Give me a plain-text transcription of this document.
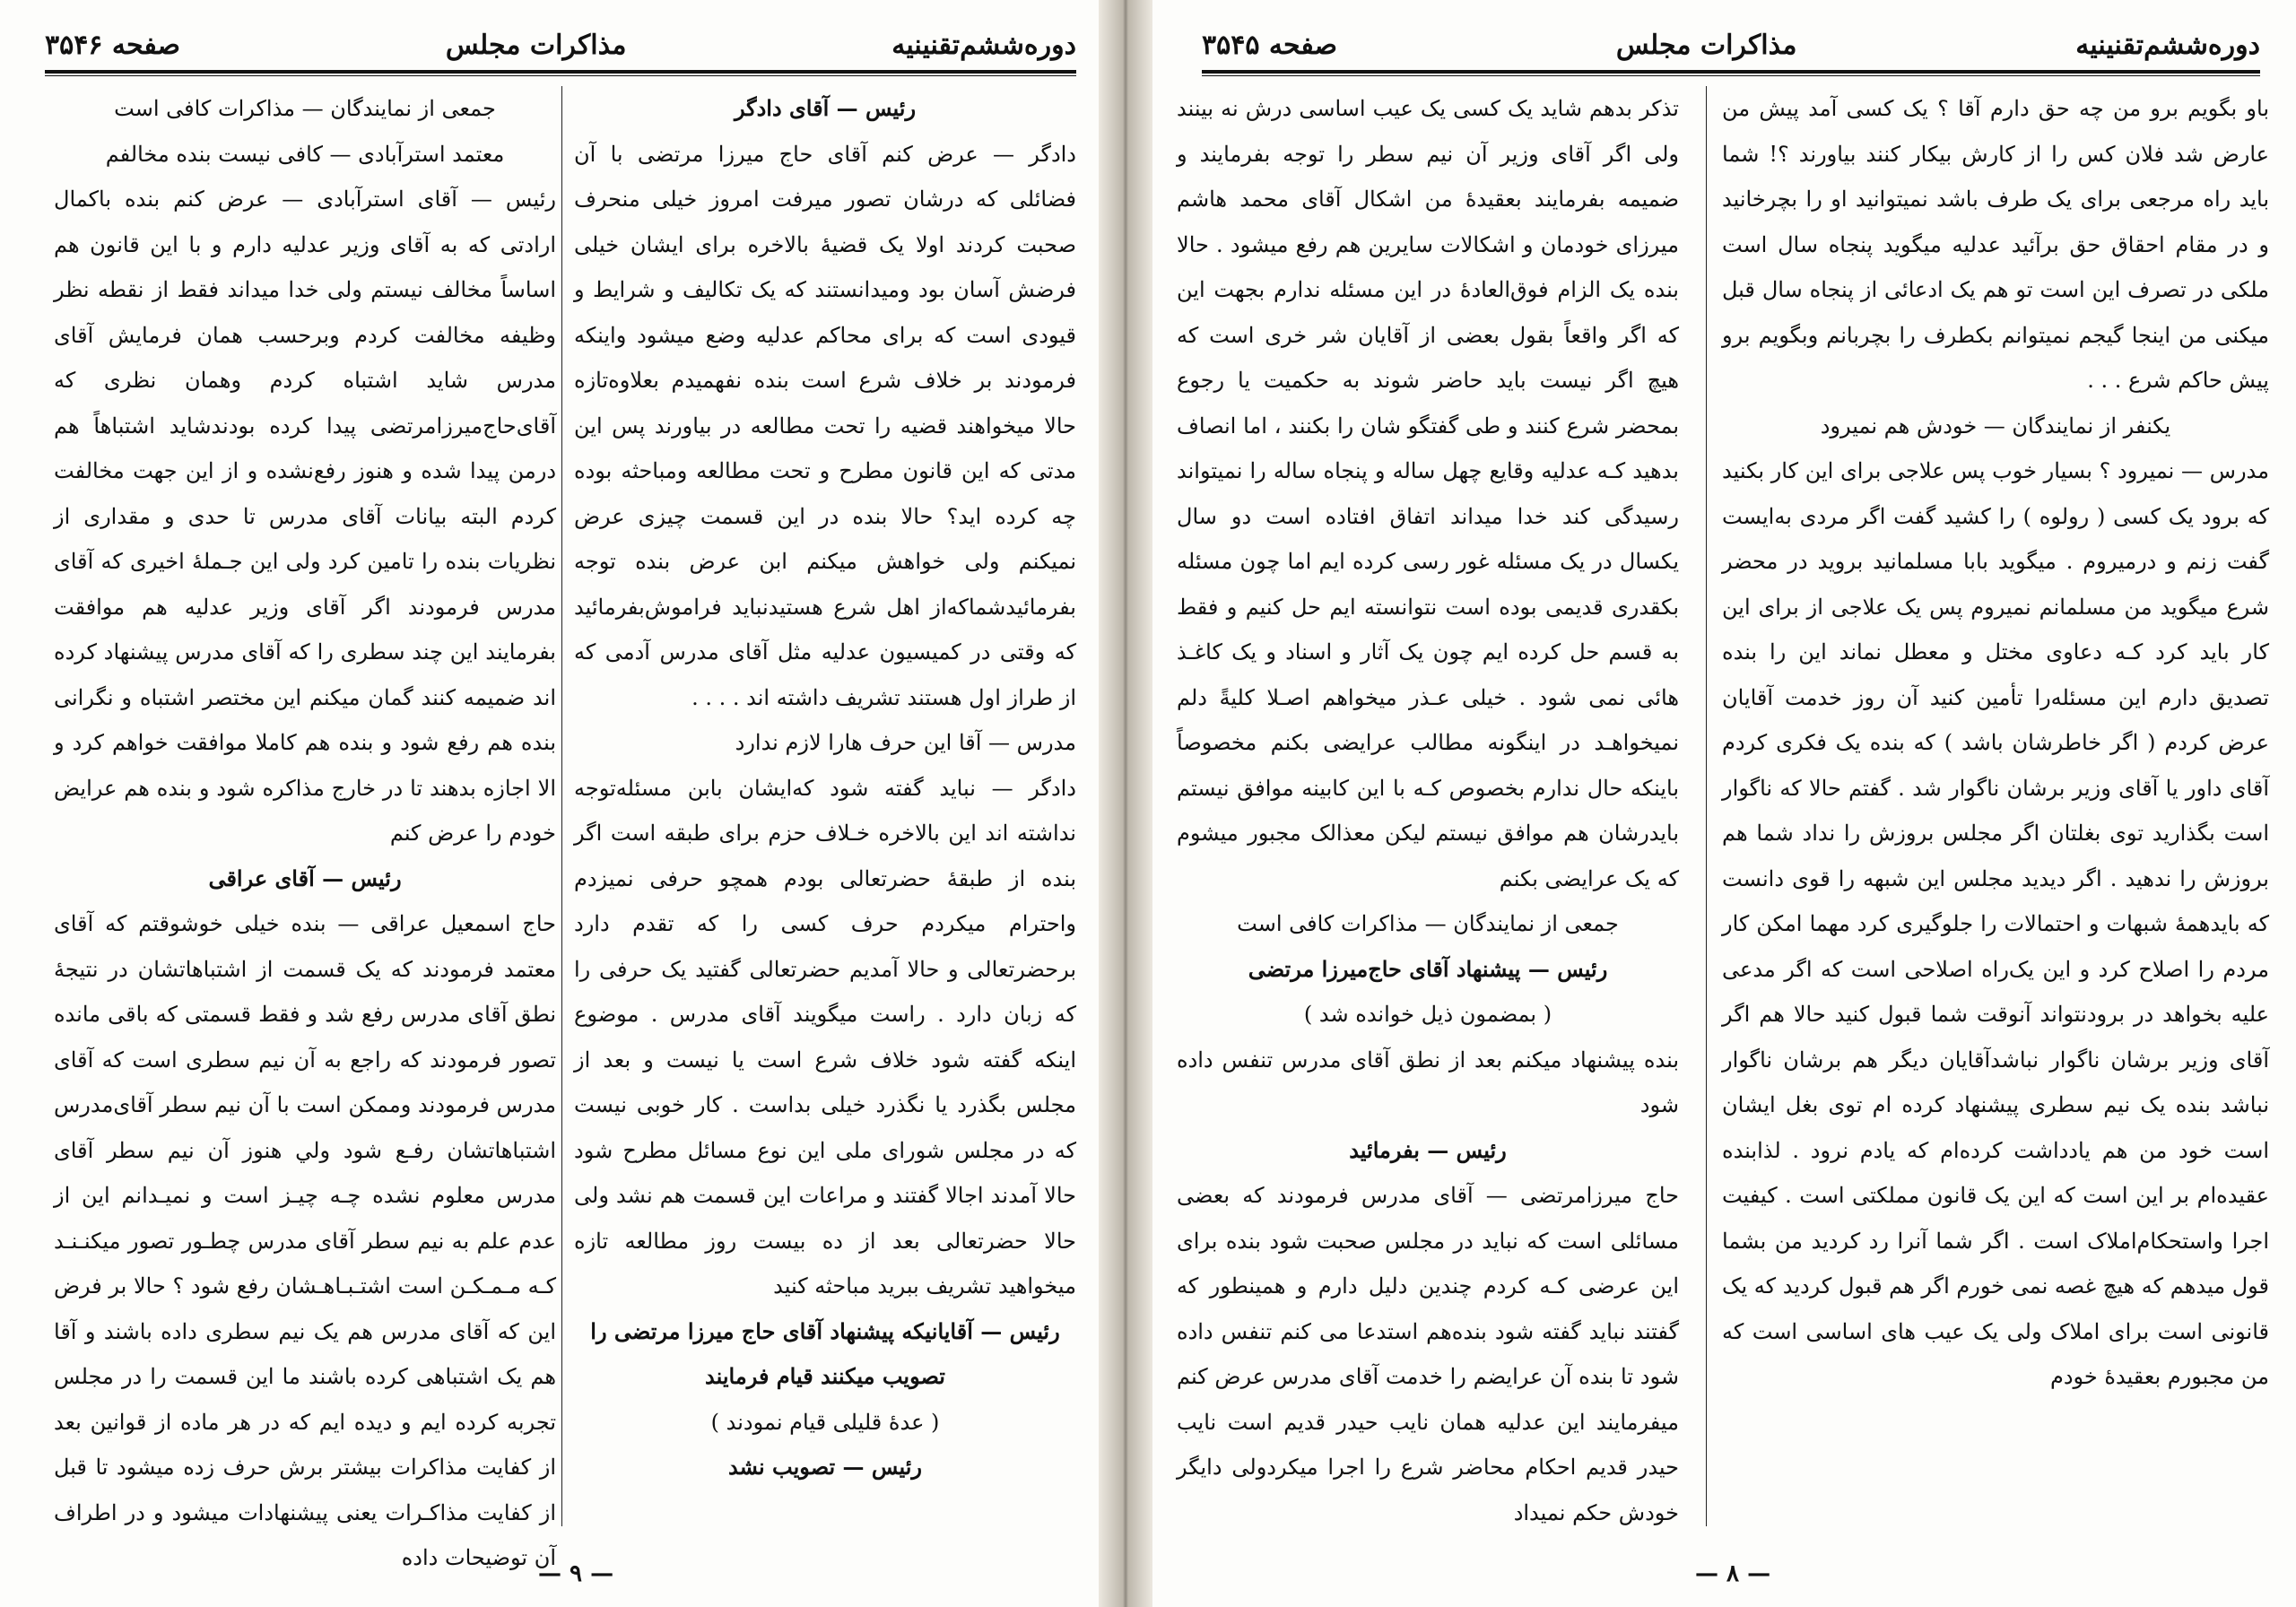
دوره‌ششم‌تقنینیه
مذاکرات مجلس
صفحه ۳۵۴۶

رئیس — آقای دادگر

دادگر — عرض کنم آقای حاج میرزا مرتضی با آن فضائلی که درشان تصور میرفت امروز خیلی منحرف صحبت کردند اولا یک قضیهٔ بالاخره برای ایشان خیلی فرضش آسان بود ومیدانستند که یک تکالیف و شرایط و قیودی است که برای محاکم عدلیه وضع میشود واینکه فرمودند بر خلاف شرع است بنده نفهمیدم بعلاوه‌تازه حالا میخواهند قضیه را تحت مطالعه در بیاورند پس این مدتی که این قانون مطرح و تحت مطالعه ومباحثه بوده چه کرده اید؟ حالا بنده در این قسمت چیزی عرض نمیکنم ولی خواهش میکنم ابن عرض بنده توجه بفرمائید‌شماکه‌از اهل شرع هستید‌نباید فراموش‌بفرمائید که وقتی در کمیسیون عدلیه مثل آقای مدرس آدمی که از طراز اول هستند تشریف داشته اند . . . .

مدرس — آقا این حرف هارا لازم ندارد

دادگر — نباید گفته شود که‌ایشان بابن مسئله‌توجه نداشته اند این بالاخره خـلاف حزم برای طبقه است اگر بنده از طبقهٔ حضرتعالی بودم همچو حرفی نمیزدم واحترام میکردم حرف کسی را که تقدم دارد برحضرتعالی و حالا آمدیم حضرتعالی گفتید یک حرفی را که زبان دارد . راست میگویند آقای مدرس . موضوع اینکه گفته شود خلاف شرع است یا نیست و بعد از مجلس بگذرد یا نگذرد خیلی بداست . کار خوبی نیست که در مجلس شورای ملی این نوع مسائل مطرح شود حالا آمدند اجالا گفتند و مراعات این قسمت هم نشد ولی حالا حضرتعالی بعد از ده بیست روز مطالعه تازه میخواهید تشریف ببرید مباحثه کنید

رئیس — آقایانیکه پیشنهاد آقای حاج میرزا مرتضی را تصویب میکنند قیام فرمایند

( عدهٔ قلیلی قیام نمودند )

رئیس — تصویب نشد

جمعی از نمایندگان — مذاکرات کافی است

معتمد استرآبادی — کافی نیست بنده مخالفم

رئیس — آقای استرآبادی — عرض کنم بنده باکمال ارادتی که به آقای وزیر عدلیه دارم و با این قانون هم اساساً مخالف نیستم ولی خدا میداند فقط از نقطه نظر وظیفه مخالفت کردم وبرحسب همان فرمایش آقای مدرس شاید اشتباه کردم وهمان نظری که آقای‌حاج‌میرزامرتضی پیدا کرده بودند‌شاید اشتباهاً هم درمن پیدا شده و هنوز رفع‌نشده و از این جهت مخالفت کردم البته بیانات آقای مدرس تا حدی و مقداری از نظریات بنده را تامین کرد ولی این جـملهٔ اخیری که آقای مدرس فرمودند اگر آقای وزیر عدلیه هم موافقت بفرمایند این چند سطری را که آقای مدرس پیشنهاد کرده اند ضمیمه کنند گمان میکنم این مختصر اشتباه و نگرانی بنده هم رفع شود و بنده هم کاملا موافقت خواهم کرد و الا اجازه بدهند تا در خارج مذاکره شود و بنده هم عرایض خودم را عرض کنم

رئیس — آقای عراقی

حاج اسمعیل عراقی — بنده خیلی خوشوقتم که آقای معتمد فرمودند که یک قسمت از اشتباهاتشان در نتیجهٔ نطق آقای مدرس رفع شد و فقط قسمتی که باقی مانده تصور فرمودند که راجع به آن نیم سطری است که آقای مدرس فرمودند وممکن است با آن نیم سطر آقای‌مدرس اشتباهاتشان رفـع شود ولي هنوز آن نیم سطر آقای مدرس معلوم نشده چـه چیـز است و نمیـدانم این از عدم علم به نیم سطر آقای مدرس چطـور تصور میکنـنـد کـه مـمـکـن است اشتـبـاهـشان رفع شود ؟ حالا بر فرض این که آقای مدرس هم یک نیم سطری داده باشند و آقا هم یک اشتباهی کرده باشند ما این قسمت را در مجلس تجربه کرده ایم و دیده ایم که در هر ماده از قوانین بعد از کفایت مذاکرات بیشتر برش حرف زده میشود تا قبل از کفایت مذاکـرات یعنی پیشنهادات میشود و در اطراف آن توضیحات داده

— ۹ —
دوره‌ششم‌تقنینیه
مذاکرات مجلس
صفحه ۳۵۴۵

باو بگویم برو من چه حق دارم آقا ؟ یک کسی آمد پیش من عارض شد فلان کس را از کارش بیکار کنند بیاورند ؟! شما باید راه مرجعی برای یک طرف باشد نمیتوانید او را بچرخانید و در مقام احقاق حق برآئید عدلیه میگوید پنجاه سال است ملکی در تصرف این است تو هم یک ادعائی از پنجاه سال قبل میکنی من اینجا گیجم نمیتوانم بکطرف را بچربانم وبگویم برو پیش حاکم شرع . . .

یکنفر از نمایندگان — خودش هم نمیرود

مدرس — نمیرود ؟ بسیار خوب پس علاجی برای این کار بکنید که برود یک کسی ( رولوه ) را کشید گفت اگر مردی به‌ایست گفت زنم و درمیروم . میگوید بابا مسلمانید بروید در محضر شرع میگوید من مسلمانم نمیروم پس یک علاجی از برای این کار باید کرد کـه دعاوی مختل و معطل نماند این را بنده تصدیق دارم این مسئله‌را تأمین کنید آن روز خدمت آقایان عرض کردم ( اگر خاطرشان باشد ) که بنده یک فکری کردم آقای داور یا آقای وزیر برشان ناگوار شد . گفتم حالا که ناگوار است بگذارید توی بغلتان اگر مجلس بروزش را نداد شما هم بروزش را ندهید . اگر دیدید مجلس این شبهه را قوی دانست که بایدهمهٔ شبهات و احتمالات را جلوگیری کرد مهما امکن کار مردم را اصلاح کرد و این یک‌راه اصلاحی است که اگر مدعی علیه بخواهد در برود‌نتواند آنوقت شما قبول کنید حالا هم اگر آقای وزیر برشان ناگوار نباشد‌آقایان دیگر هم برشان ناگوار نباشد بنده یک نیم سطری پیشنهاد کرده ام توی بغل ایشان است خود من هم یادداشت کرده‌ام که یادم نرود . لذابنده عقیده‌ام بر این است که این یک قانون مملکتی است . کیفیت اجرا واستحکام‌املاک است . اگر شما آنرا رد کردید من بشما قول میدهم که هیچ غصه نمی خورم اگر هم قبول کردید که یک قانونی است برای املاک ولی یک عیب های اساسی است که من مجبورم بعقیدهٔ خودم

تذکر بدهم شاید یک کسی یک عیب اساسی درش نه بینند ولی اگر آقای وزیر آن نیم سطر را توجه بفرمایند و ضمیمه بفرمایند بعقیدهٔ من اشکال آقای محمد هاشم میرزای خودمان و اشکالات سایرین هم رفع میشود . حالا بنده یک الزام فوق‌العادهٔ در این مسئله ندارم بجهت این که اگر واقعاً بقول بعضی از آقایان شر خری است که هیچ اگر نیست باید حاضر شوند به حکمیت یا رجوع بمحضر شرع کنند و طی گفتگو شان را بکنند ، اما انصاف بدهید کـه عدلیه وقایع چهل ساله و پنجاه ساله را نمیتواند رسیدگی کند خدا میداند اتفاق افتاده است دو سال یکسال در یک مسئله غور رسی کرده ایم اما چون مسئله بکقدری قدیمی بوده است نتوانسته ایم حل کنیم و فقط به قسم حل کرده ایم چون یک آثار و اسناد و یک کاغـذ هائی نمی شود . خیلی عـذر میخواهم اصـلا کلیةً دلم نمیخواهـد در اینگونه مطالب عرایضی بکنم مخصوصاً باینکه حال ندارم بخصوص کـه با این کابینه موافق نیستم بایدرشان هم موافق نیستم لیکن معذالک مجبور میشوم که یک عرایضی بکنم

جمعی از نمایندگان — مذاکرات کافی است

رئیس — پیشنهاد آقای حاج‌میرزا مرتضی

( بمضمون ذیل خوانده شد )

بنده پیشنهاد میکنم بعد از نطق آقای مدرس تنفس داده شود

رئیس — بفرمائید

حاج میرزامرتضی — آقای مدرس فرمودند که بعضی مسائلی است که نباید در مجلس صحبت شود بنده برای این عرضی کـه کردم چندین دلیل دارم و همینطور که گفتند نباید گفته شود بنده‌هم استدعا می کنم تنفس داده شود تا بنده آن عرایضم را خدمت آقای مدرس عرض کنم میفرمایند این عدلیه همان نایب حیدر قدیم است نایب حیدر قدیم احکام محاضر شرع را اجرا میکرد‌ولی دایگر خودش حکم نمیداد

— ۸ —
